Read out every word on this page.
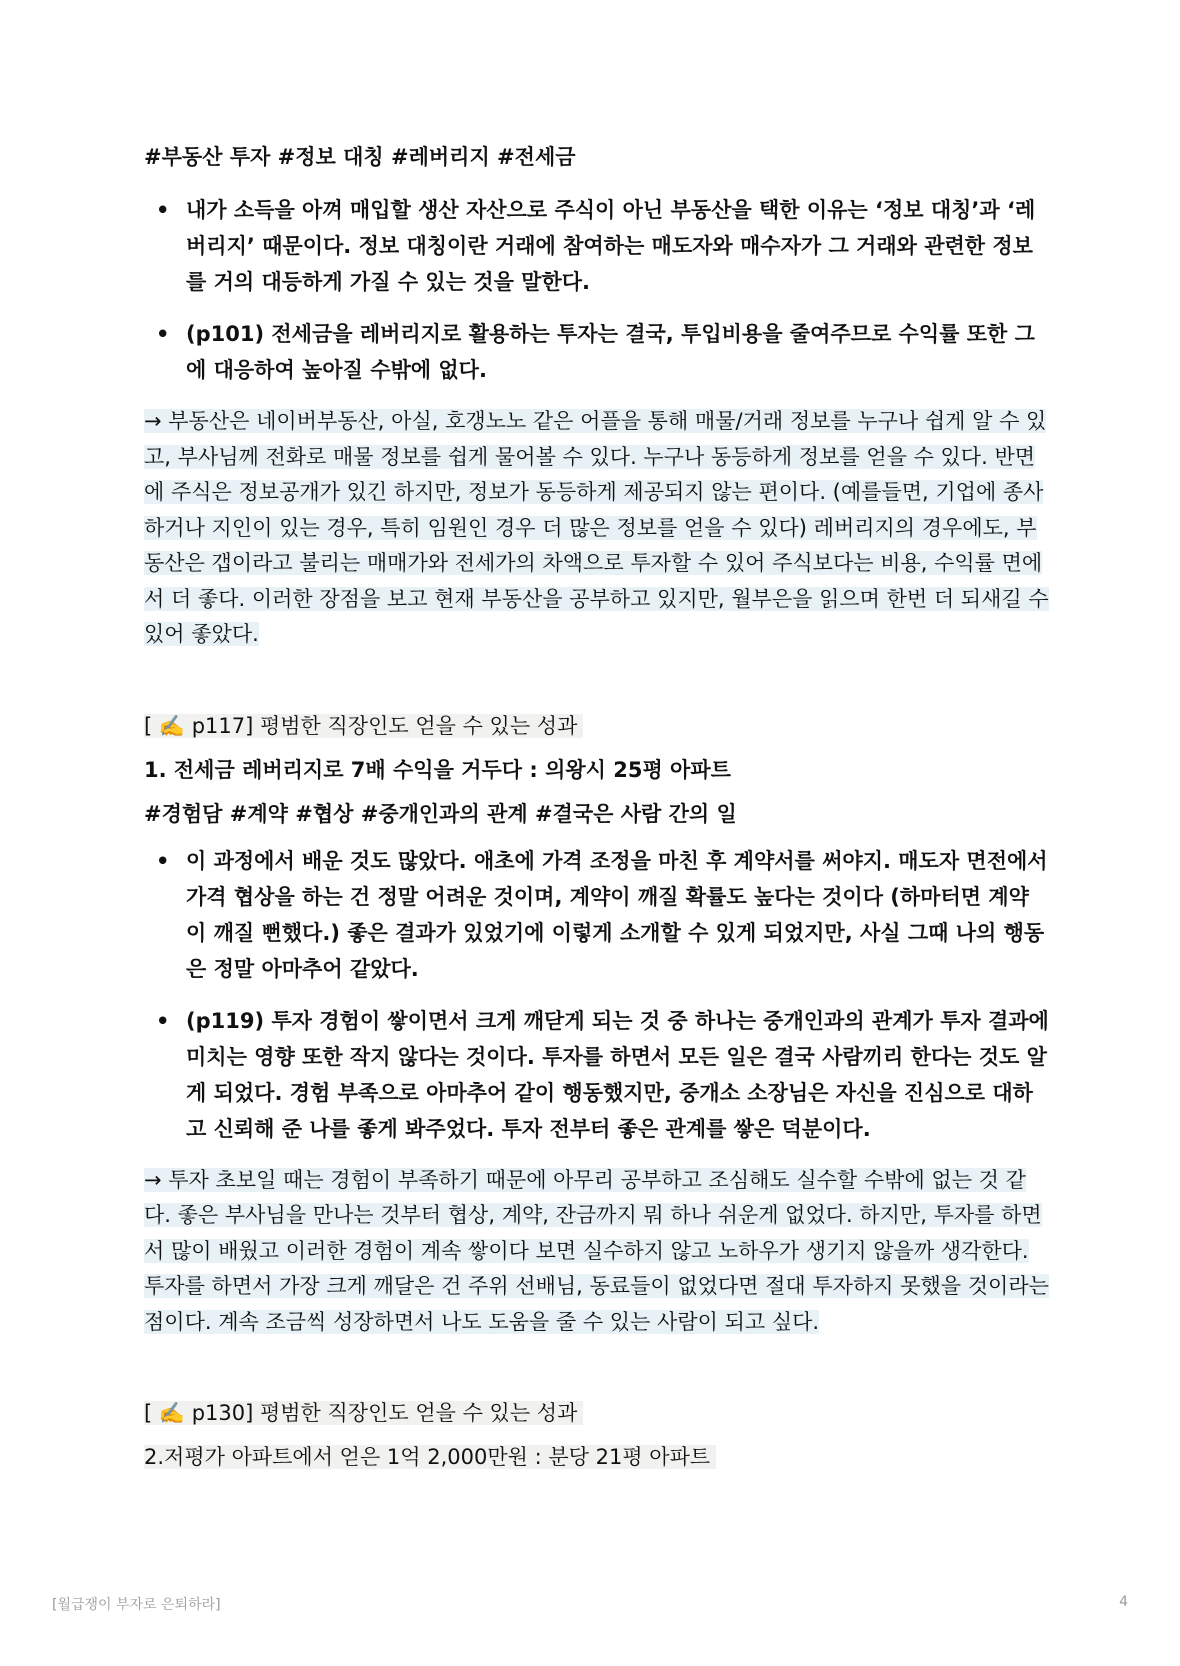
#부동산 투자 #정보 대칭 #레버리지 #전세금

• 내가 소득을 아껴 매입할 생산 자산으로 주식이 아닌 부동산을 택한 이유는 ‘정보 대칭’과 ‘레버리지’ 때문이다. 정보 대칭이란 거래에 참여하는 매도자와 매수자가 그 거래와 관련한 정보를 거의 대등하게 가질 수 있는 것을 말한다.
• (p101) 전세금을 레버리지로 활용하는 투자는 결국, 투입비용을 줄여주므로 수익률 또한 그에 대응하여 높아질 수밖에 없다.

→ 부동산은 네이버부동산, 아실, 호갱노노 같은 어플을 통해 매물/거래 정보를 누구나 쉽게 알 수 있고, 부사님께 전화로 매물 정보를 쉽게 물어볼 수 있다. 누구나 동등하게 정보를 얻을 수 있다. 반면에 주식은 정보공개가 있긴 하지만, 정보가 동등하게 제공되지 않는 편이다. (예를들면, 기업에 종사하거나 지인이 있는 경우, 특히 임원인 경우 더 많은 정보를 얻을 수 있다) 레버리지의 경우에도, 부동산은 갭이라고 불리는 매매가와 전세가의 차액으로 투자할 수 있어 주식보다는 비용, 수익률 면에서 더 좋다. 이러한 장점을 보고 현재 부동산을 공부하고 있지만, 월부은을 읽으며 한번 더 되새길 수 있어 좋았다.

[ ✍️ p117] 평범한 직장인도 얻을 수 있는 성과

1. 전세금 레버리지로 7배 수익을 거두다 : 의왕시 25평 아파트

#경험담 #계약 #협상 #중개인과의 관계 #결국은 사람 간의 일

• 이 과정에서 배운 것도 많았다. 애초에 가격 조정을 마친 후 계약서를 써야지. 매도자 면전에서 가격 협상을 하는 건 정말 어려운 것이며, 계약이 깨질 확률도 높다는 것이다 (하마터면 계약이 깨질 뻔했다.) 좋은 결과가 있었기에 이렇게 소개할 수 있게 되었지만, 사실 그때 나의 행동은 정말 아마추어 같았다.
• (p119) 투자 경험이 쌓이면서 크게 깨닫게 되는 것 중 하나는 중개인과의 관계가 투자 결과에 미치는 영향 또한 작지 않다는 것이다. 투자를 하면서 모든 일은 결국 사람끼리 한다는 것도 알게 되었다. 경험 부족으로 아마추어 같이 행동했지만, 중개소 소장님은 자신을 진심으로 대하고 신뢰해 준 나를 좋게 봐주었다. 투자 전부터 좋은 관계를 쌓은 덕분이다.

→ 투자 초보일 때는 경험이 부족하기 때문에 아무리 공부하고 조심해도 실수할 수밖에 없는 것 같다. 좋은 부사님을 만나는 것부터 협상, 계약, 잔금까지 뭐 하나 쉬운게 없었다. 하지만, 투자를 하면서 많이 배웠고 이러한 경험이 계속 쌓이다 보면 실수하지 않고 노하우가 생기지 않을까 생각한다. 투자를 하면서 가장 크게 깨달은 건 주위 선배님, 동료들이 없었다면 절대 투자하지 못했을 것이라는 점이다. 계속 조금씩 성장하면서 나도 도움을 줄 수 있는 사람이 되고 싶다.

[ ✍️ p130] 평범한 직장인도 얻을 수 있는 성과

2.저평가 아파트에서 얻은 1억 2,000만원 : 분당 21평 아파트

[월급쟁이 부자로 은퇴하라]	4
